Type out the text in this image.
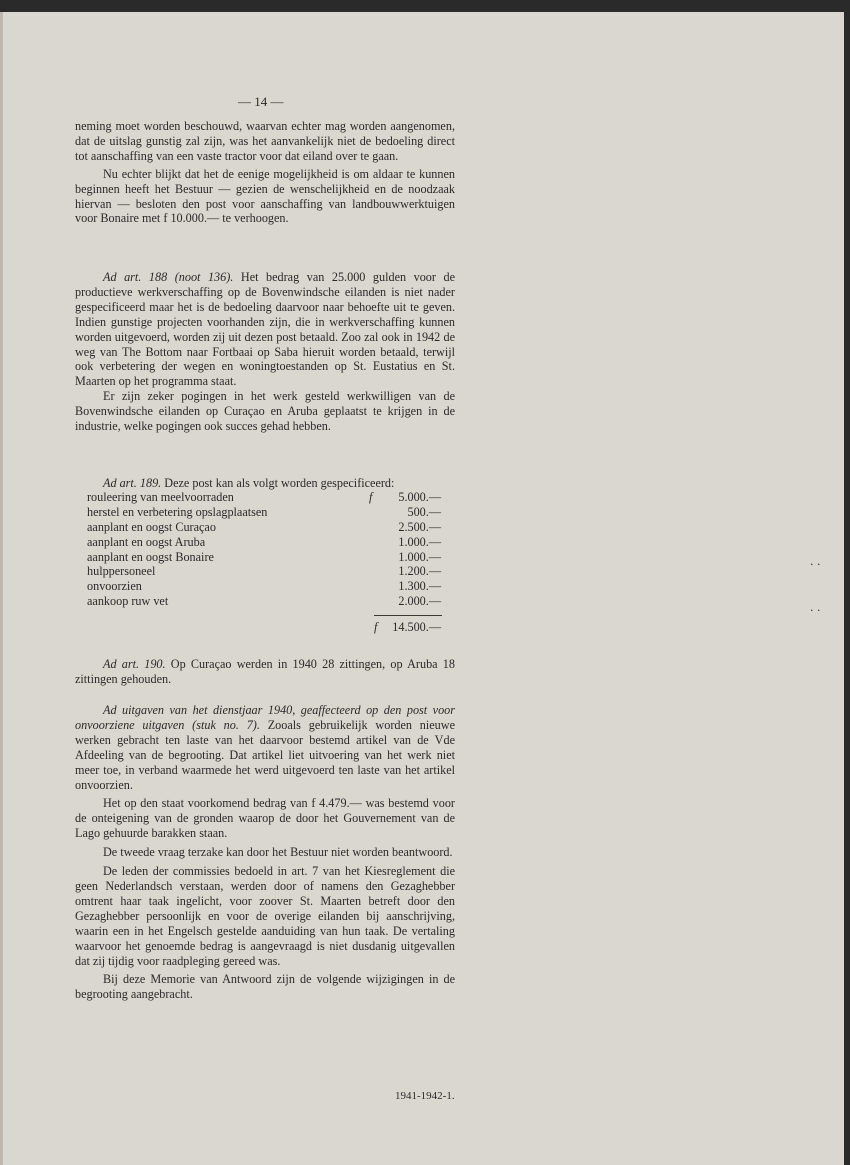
— 14 —

neming moet worden beschouwd, waarvan echter mag worden aangenomen, dat de uitslag gunstig zal zijn, was het aanvankelijk niet de bedoeling direct tot aanschaffing van een vaste tractor voor dat eiland over te gaan.

Nu echter blijkt dat het de eenige mogelijkheid is om aldaar te kunnen beginnen heeft het Bestuur — gezien de wenschelijkheid en de noodzaak hiervan — besloten den post voor aanschaffing van landbouwwerktuigen voor Bonaire met f 10.000.— te verhoogen.

Ad art. 188 (noot 136). Het bedrag van 25.000 gulden voor de productieve werkverschaffing op de Bovenwindsche eilanden is niet nader gespecificeerd maar het is de bedoeling daarvoor naar behoefte uit te geven. Indien gunstige projecten voorhanden zijn, die in werkverschaffing kunnen worden uitgevoerd, worden zij uit dezen post betaald. Zoo zal ook in 1942 de weg van The Bottom naar Fortbaai op Saba hieruit worden betaald, terwijl ook verbetering der wegen en woningtoestanden op St. Eustatius en St. Maarten op het programma staat.

Er zijn zeker pogingen in het werk gesteld werkwilligen van de Bovenwindsche eilanden op Curaçao en Aruba geplaatst te krijgen in de industrie, welke pogingen ook succes gehad hebben.

Ad art. 189. Deze post kan als volgt worden gespecificeerd:

rouleering van meelvoorraden	f 5.000.—
herstel en verbetering opslagplaatsen	500.—
aanplant en oogst Curaçao	2.500.—
aanplant en oogst Aruba	1.000.—
aanplant en oogst Bonaire	1.000.—
hulppersoneel	1.200.—
onvoorzien	1.300.—
aankoop ruw vet	2.000.—
f 14.500.—

Ad art. 190. Op Curaçao werden in 1940 28 zittingen, op Aruba 18 zittingen gehouden.

Ad uitgaven van het dienstjaar 1940, geaffecteerd op den post voor onvoorziene uitgaven (stuk no. 7). Zooals gebruikelijk worden nieuwe werken gebracht ten laste van het daarvoor bestemd artikel van de Vde Afdeeling van de begrooting. Dat artikel liet uitvoering van het werk niet meer toe, in verband waarmede het werd uitgevoerd ten laste van het artikel onvoorzien.

Het op den staat voorkomend bedrag van f 4.479.— was bestemd voor de onteigening van de gronden waarop de door het Gouvernement van de Lago gehuurde barakken staan.

De tweede vraag terzake kan door het Bestuur niet worden beantwoord.

De leden der commissies bedoeld in art. 7 van het Kiesreglement die geen Nederlandsch verstaan, werden door of namens den Gezaghebber omtrent haar taak ingelicht, voor zoover St. Maarten betreft door den Gezaghebber persoonlijk en voor de overige eilanden bij aanschrijving, waarin een in het Engelsch gestelde aanduiding van hun taak. De vertaling waarvoor het genoemde bedrag is aangevraagd is niet dusdanig uitgevallen dat zij tijdig voor raadpleging gereed was.

Bij deze Memorie van Antwoord zijn de volgende wijzigingen in de begrooting aangebracht.

· ·
· ·
1941-1942-1.
